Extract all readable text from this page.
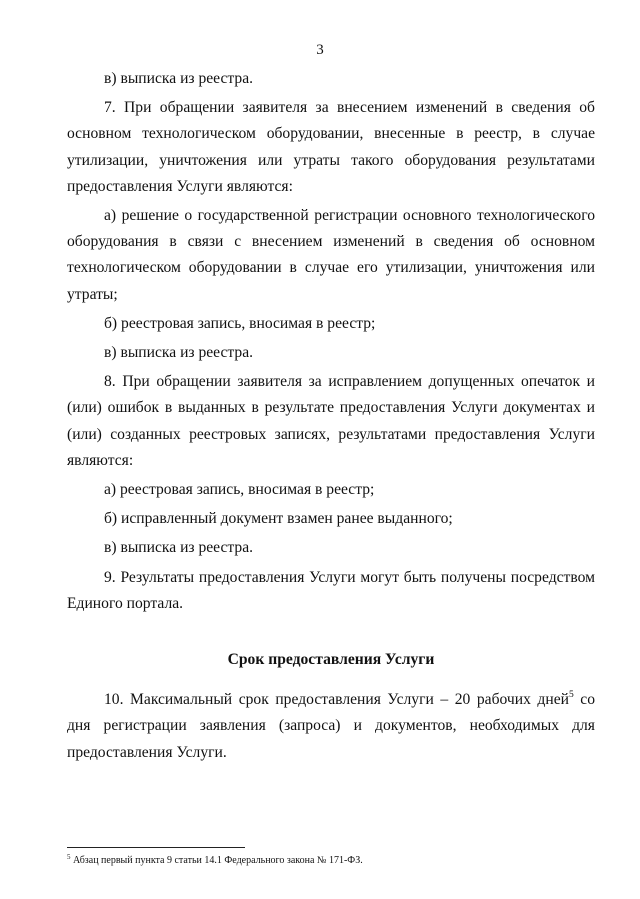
3

в) выписка из реестра.

7. При обращении заявителя за внесением изменений в сведения об основном технологическом оборудовании, внесенные в реестр, в случае утилизации, уничтожения или утраты такого оборудования результатами предоставления Услуги являются:

а) решение о государственной регистрации основного технологического оборудования в связи с внесением изменений в сведения об основном технологическом оборудовании в случае его утилизации, уничтожения или утраты;

б) реестровая запись, вносимая в реестр;

в) выписка из реестра.

8. При обращении заявителя за исправлением допущенных опечаток и (или) ошибок в выданных в результате предоставления Услуги документах и (или) созданных реестровых записях, результатами предоставления Услуги являются:

а) реестровая запись, вносимая в реестр;

б) исправленный документ взамен ранее выданного;

в) выписка из реестра.

9. Результаты предоставления Услуги могут быть получены посредством Единого портала.

Срок предоставления Услуги

10. Максимальный срок предоставления Услуги – 20 рабочих дней$^5$ со дня регистрации заявления (запроса) и документов, необходимых для предоставления Услуги.

$^5$ Абзац первый пункта 9 статьи 14.1 Федерального закона № 171-ФЗ.
